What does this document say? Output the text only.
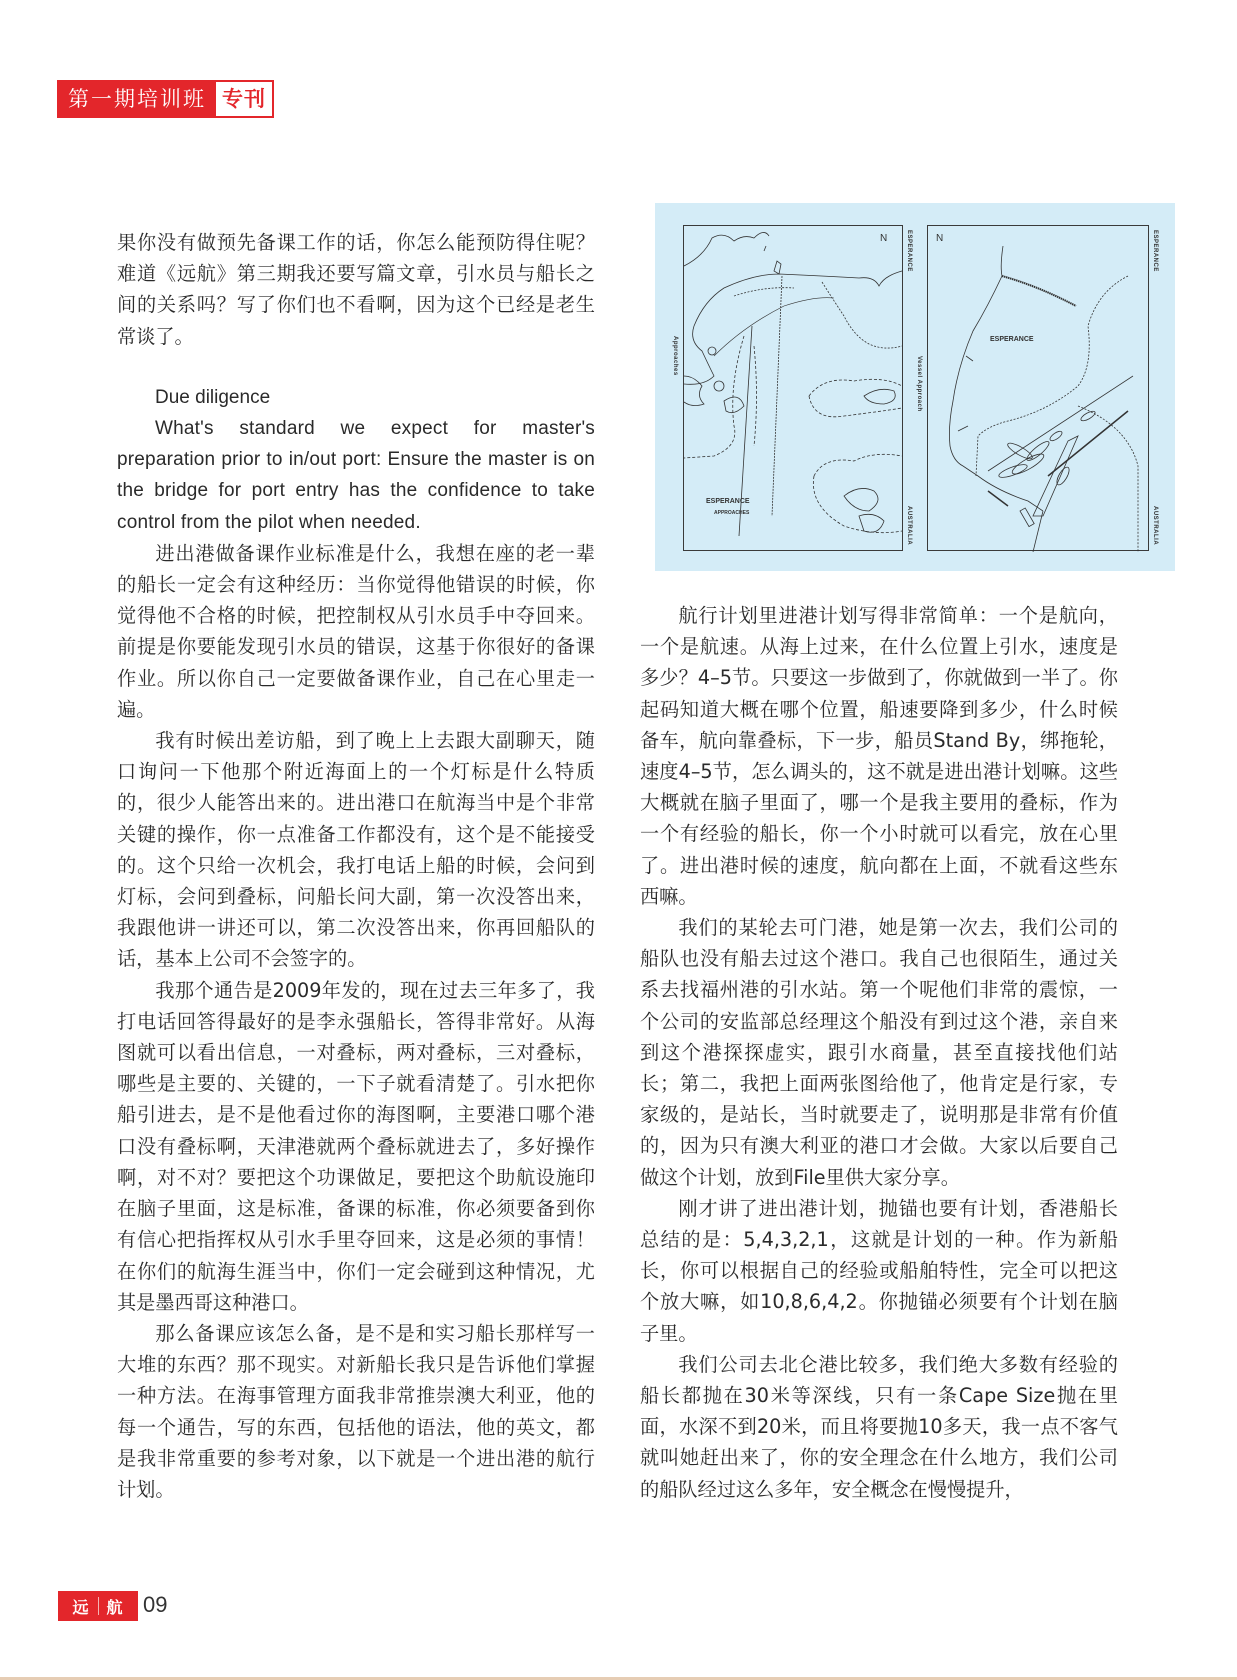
第一期培训班 专刊

果你没有做预先备课工作的话，你怎么能预防得住呢？难道《远航》第三期我还要写篇文章，引水员与船长之间的关系吗？写了你们也不看啊，因为这个已经是老生常谈了。

Due diligence

What's standard we expect for master's preparation prior to in/out port: Ensure the master is on the bridge for port entry has the confidence to take control from the pilot when needed.

进出港做备课作业标准是什么，我想在座的老一辈的船长一定会有这种经历：当你觉得他错误的时候，你觉得他不合格的时候，把控制权从引水员手中夺回来。前提是你要能发现引水员的错误，这基于你很好的备课作业。所以你自己一定要做备课作业，自己在心里走一遍。

我有时候出差访船，到了晚上上去跟大副聊天，随口询问一下他那个附近海面上的一个灯标是什么特质的，很少人能答出来的。进出港口在航海当中是个非常关键的操作，你一点准备工作都没有，这个是不能接受的。这个只给一次机会，我打电话上船的时候，会问到灯标，会问到叠标，问船长问大副，第一次没答出来，我跟他讲一讲还可以，第二次没答出来，你再回船队的话，基本上公司不会签字的。

我那个通告是2009年发的，现在过去三年多了，我打电话回答得最好的是李永强船长，答得非常好。从海图就可以看出信息，一对叠标，两对叠标，三对叠标，哪些是主要的、关键的，一下子就看清楚了。引水把你船引进去，是不是他看过你的海图啊，主要港口哪个港口没有叠标啊，天津港就两个叠标就进去了，多好操作啊，对不对？要把这个功课做足，要把这个助航设施印在脑子里面，这是标准，备课的标准，你必须要备到你有信心把指挥权从引水手里夺回来，这是必须的事情！在你们的航海生涯当中，你们一定会碰到这种情况，尤其是墨西哥这种港口。

那么备课应该怎么备，是不是和实习船长那样写一大堆的东西？那不现实。对新船长我只是告诉他们掌握一种方法。在海事管理方面我非常推崇澳大利亚，他的每一个通告，写的东西，包括他的语法，他的英文，都是我非常重要的参考对象，以下就是一个进出港的航行计划。

N
ESPERANCE
APPROACHES
Approaches
ESPERANCE
AUSTRALIA
N
ESPERANCE
Vessel Approach
ESPERANCE
AUSTRALIA

航行计划里进港计划写得非常简单：一个是航向，一个是航速。从海上过来，在什么位置上引水，速度是多少？4–5节。只要这一步做到了，你就做到一半了。你起码知道大概在哪个位置，船速要降到多少，什么时候备车，航向靠叠标，下一步，船员Stand By，绑拖轮，速度4–5节，怎么调头的，这不就是进出港计划嘛。这些大概就在脑子里面了，哪一个是我主要用的叠标，作为一个有经验的船长，你一个小时就可以看完，放在心里了。进出港时候的速度，航向都在上面，不就看这些东西嘛。

我们的某轮去可门港，她是第一次去，我们公司的船队也没有船去过这个港口。我自己也很陌生，通过关系去找福州港的引水站。第一个呢他们非常的震惊，一个公司的安监部总经理这个船没有到过这个港，亲自来到这个港探探虚实，跟引水商量，甚至直接找他们站长；第二，我把上面两张图给他了，他肯定是行家，专家级的，是站长，当时就要走了，说明那是非常有价值的，因为只有澳大利亚的港口才会做。大家以后要自己做这个计划，放到File里供大家分享。

刚才讲了进出港计划，抛锚也要有计划，香港船长总结的是：5,4,3,2,1，这就是计划的一种。作为新船长，你可以根据自己的经验或船舶特性，完全可以把这个放大嘛，如10,8,6,4,2。你抛锚必须要有个计划在脑子里。

我们公司去北仑港比较多，我们绝大多数有经验的船长都抛在30米等深线，只有一条Cape Size抛在里面，水深不到20米，而且将要抛10多天，我一点不客气就叫她赶出来了，你的安全理念在什么地方，我们公司的船队经过这么多年，安全概念在慢慢提升，

远 航 09
